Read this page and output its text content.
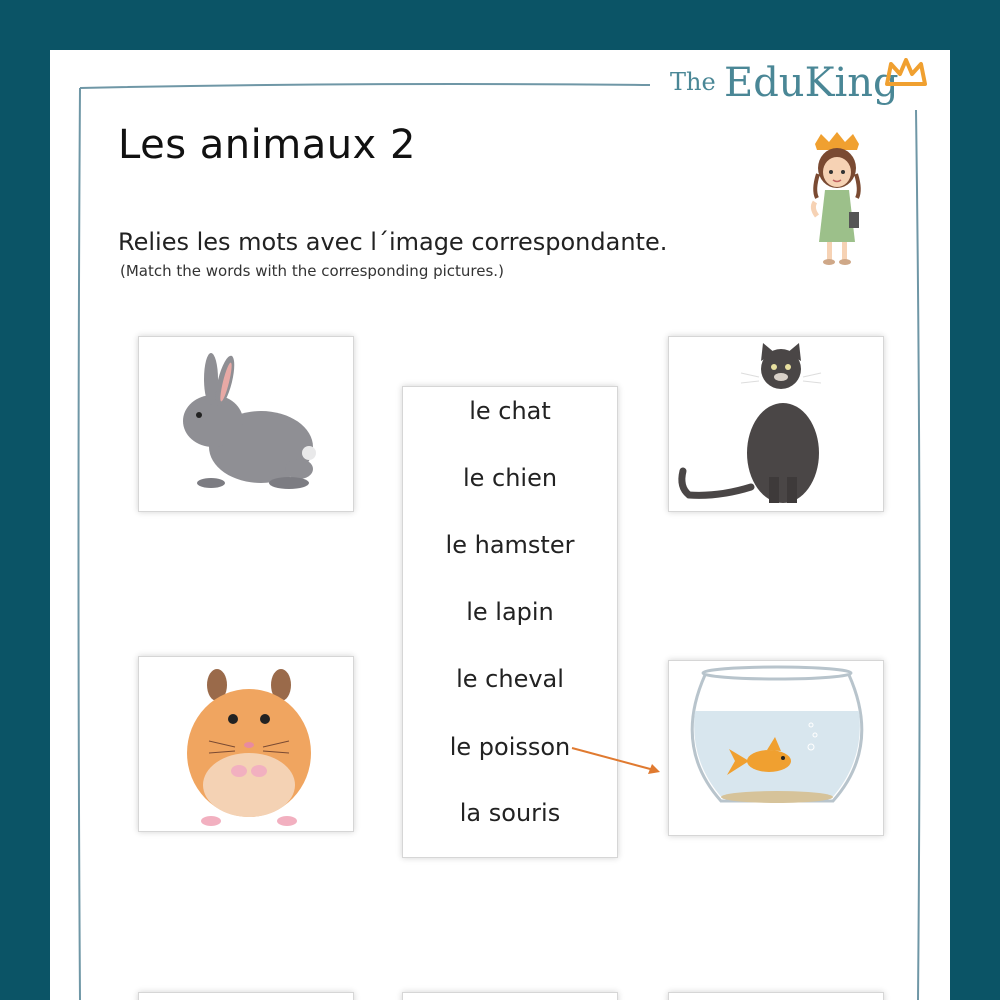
The EduKing
Les animaux 2
Relies les mots avec l´image correspondante.
(Match the words with the corresponding pictures.)
le chat
le chien
le hamster
le lapin
le cheval
le poisson
la souris
